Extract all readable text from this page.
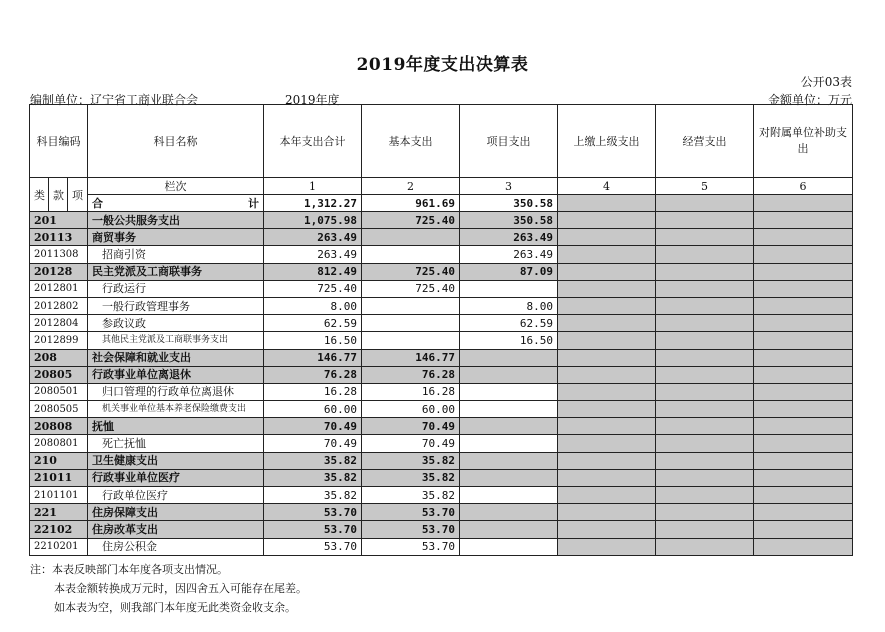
2019年度支出决算表
公开03表
编制单位：辽宁省工商业联合会	2019年度	金额单位：万元
科目编码			科目名称	本年支出合计	基本支出	项目支出	上缴上级支出	经营支出	对附属单位补助支出
类	款	项	栏次	1	2	3	4	5	6
			合 计	1,312.27	961.69	350.58			
201			一般公共服务支出	1,075.98	725.40	350.58			
20113			商贸事务	263.49		263.49			
2011308			招商引资	263.49		263.49			
20128			民主党派及工商联事务	812.49	725.40	87.09			
2012801			行政运行	725.40	725.40				
2012802			一般行政管理事务	8.00		8.00			
2012804			参政议政	62.59		62.59			
2012899			其他民主党派及工商联事务支出	16.50		16.50			
208			社会保障和就业支出	146.77	146.77				
20805			行政事业单位离退休	76.28	76.28				
2080501			归口管理的行政单位离退休	16.28	16.28				
2080505			机关事业单位基本养老保险缴费支出	60.00	60.00				
20808			抚恤	70.49	70.49				
2080801			死亡抚恤	70.49	70.49				
210			卫生健康支出	35.82	35.82				
21011			行政事业单位医疗	35.82	35.82				
2101101			行政单位医疗	35.82	35.82				
221			住房保障支出	53.70	53.70				
22102			住房改革支出	53.70	53.70				
2210201			住房公积金	53.70	53.70				
注：本表反映部门本年度各项支出情况。
本表金额转换成万元时，因四舍五入可能存在尾差。
如本表为空，则我部门本年度无此类资金收支余。
